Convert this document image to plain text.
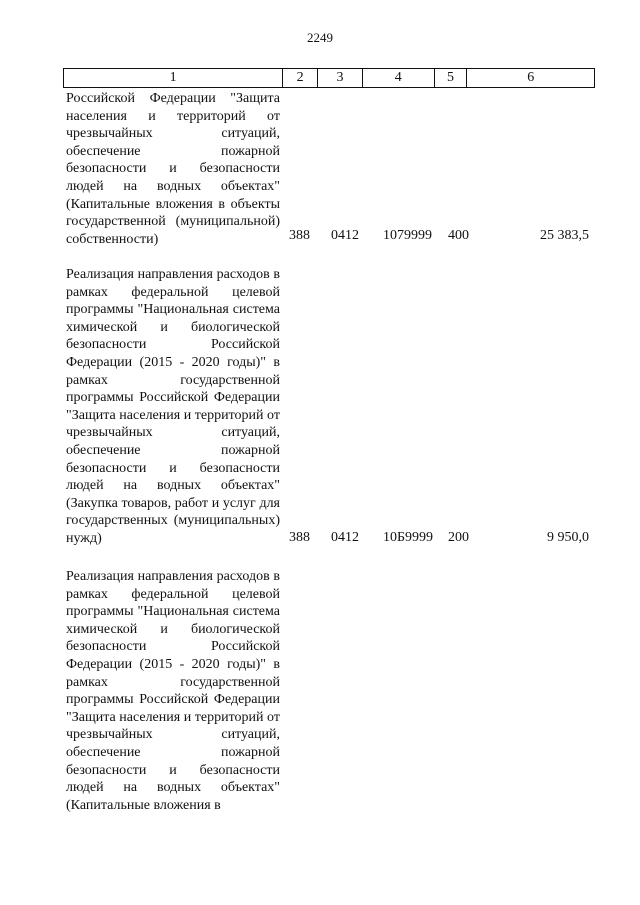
2249
1	2	3	4	5	6
Российской Федерации "Защита населения и территорий от чрезвычайных ситуаций, обеспечение пожарной безопасности и безопасности людей на водных объектах" (Капитальные вложения в объекты государственной (муниципальной) собственности)	388 0412 1079999 400	25 383,5
Реализация направления расходов в рамках федеральной целевой программы "Национальная система химической и биологической безопасности Российской Федерации (2015 - 2020 годы)" в рамках государственной программы Российской Федерации "Защита населения и территорий от чрезвычайных ситуаций, обеспечение пожарной безопасности и безопасности людей на водных объектах" (Закупка товаров, работ и услуг для государственных (муниципальных) нужд)	388 0412 10Б9999 200	9 950,0
Реализация направления расходов в рамках федеральной целевой программы "Национальная система химической и биологической безопасности Российской Федерации (2015 - 2020 годы)" в рамках государственной программы Российской Федерации "Защита населения и территорий от чрезвычайных ситуаций, обеспечение пожарной безопасности и безопасности людей на водных объектах" (Капитальные вложения в
